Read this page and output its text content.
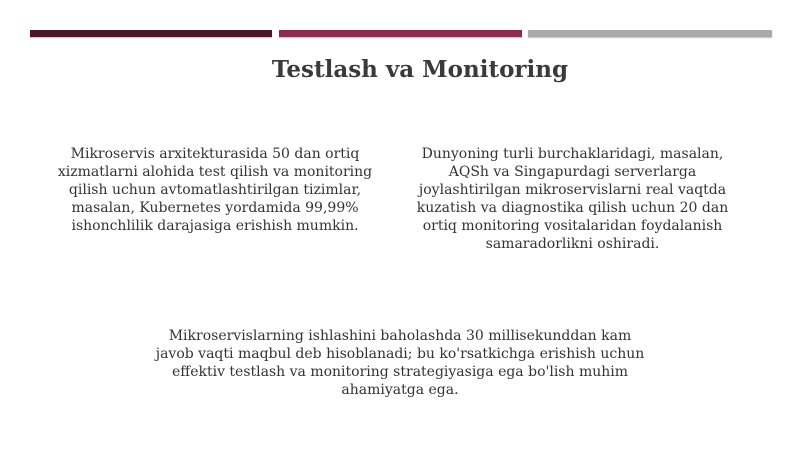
Testlash va Monitoring

Mikroservis arxitekturasida 50 dan ortiq
xizmatlarni alohida test qilish va monitoring
qilish uchun avtomatlashtirilgan tizimlar,
masalan, Kubernetes yordamida 99,99%
ishonchlilik darajasiga erishish mumkin.

Dunyoning turli burchaklaridagi, masalan,
AQSh va Singapurdagi serverlarga
joylashtirilgan mikroservislarni real vaqtda
kuzatish va diagnostika qilish uchun 20 dan
ortiq monitoring vositalaridan foydalanish
samaradorlikni oshiradi.

Mikroservislarning ishlashini baholashda 30 millisekunddan kam
javob vaqti maqbul deb hisoblanadi; bu ko'rsatkichga erishish uchun
effektiv testlash va monitoring strategiyasiga ega bo'lish muhim
ahamiyatga ega.
